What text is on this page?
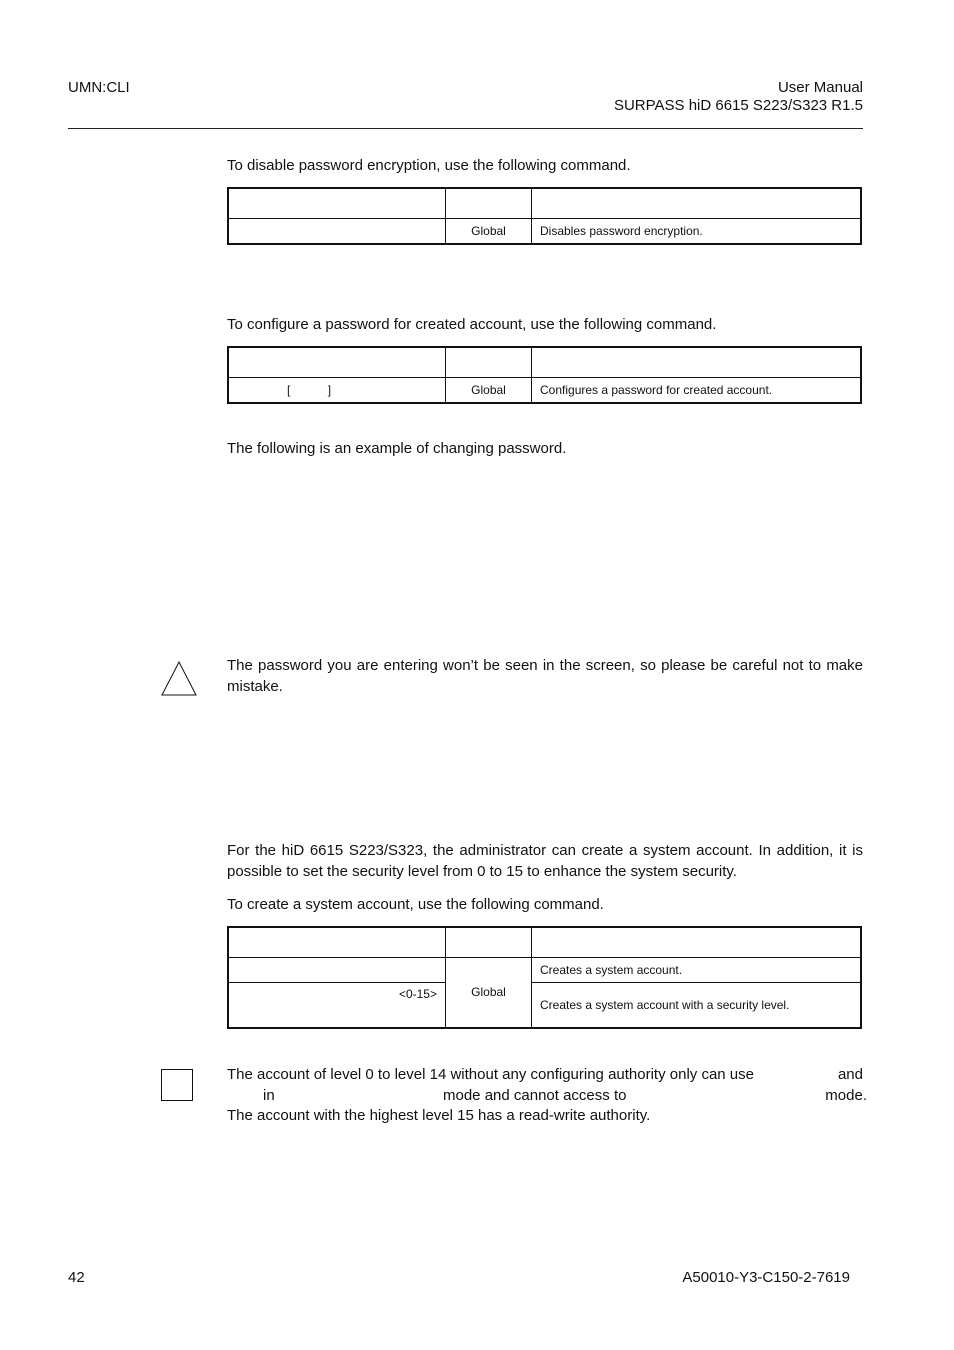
UMN:CLI	User Manual
SURPASS hiD 6615 S223/S323 R1.5
To disable password encryption, use the following command.

	Global	Disables password encryption.
To configure a password for created account, use the following command.

[ ]	Global	Configures a password for created account.
The following is an example of changing password.
The password you are entering won’t be seen in the screen, so please be careful not to make mistake.
For the hiD 6615 S223/S323, the administrator can create a system account. In addition, it is possible to set the security level from 0 to 15 to enhance the system security.
To create a system account, use the following command.

	Global	Creates a system account.
<0-15>		Creates a system account with a security level.
The account of level 0 to level 14 without any configuring authority only can use	and
in	mode and cannot access to	mode.
The account with the highest level 15 has a read-write authority.
42	A50010-Y3-C150-2-7619
